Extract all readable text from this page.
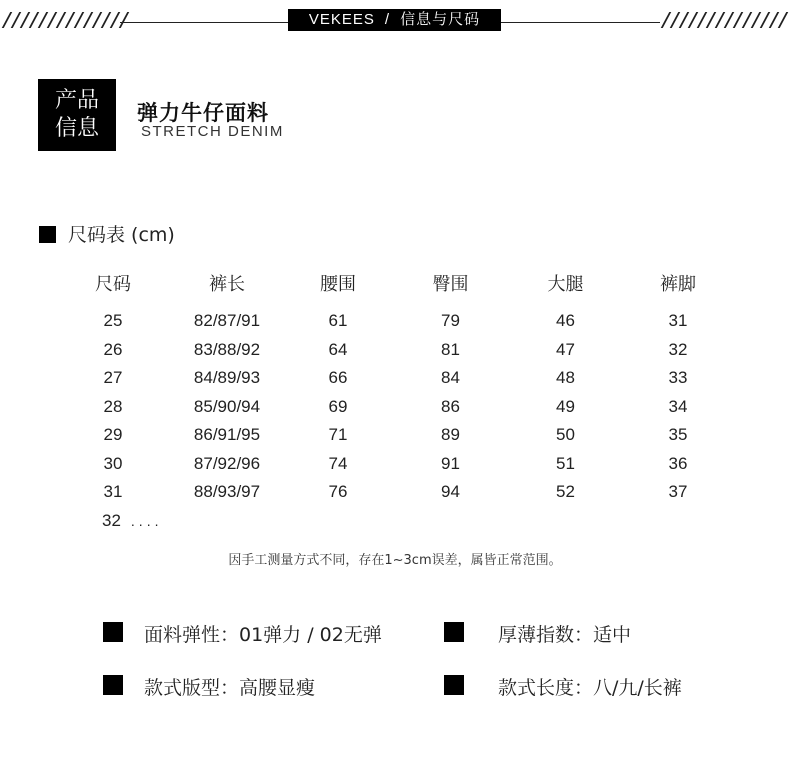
VEKEES / 信息与尺码
产品
信息
弹力牛仔面料
STRETCH DENIM
尺码表 (cm)
尺码	裤长	腰围	臀围	大腿	裤脚

25	82/87/91	61	79	46	31
26	83/88/92	64	81	47	32
27	84/89/93	66	84	48	33
28	85/90/94	69	86	49	34
29	86/91/95	71	89	50	35
30	87/92/96	74	91	51	36
31	88/93/97	76	94	52	37
32 ....					
因手工测量方式不同，存在1~3cm误差，属皆正常范围。
面料弹性：01弹力 / 02无弹	厚薄指数：适中
款式版型：高腰显瘦	款式长度：八/九/长裤
